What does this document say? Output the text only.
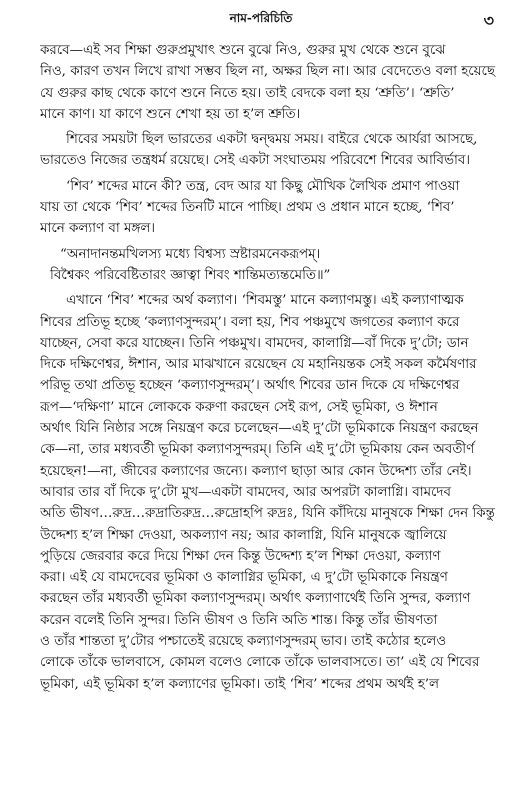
নাম-পরিচিতি	৩
করবে—এই সব শিক্ষা গুরুপ্রমুখাৎ শুনে বুঝে নিও, গুরুর মুখ থেকে শুনে বুঝে
নিও, কারণ তখন লিখে রাখা সম্ভব ছিল না, অক্ষর ছিল না। আর বেদেতেও বলা হয়েছে
যে গুরুর কাছ থেকে কাণে শুনে নিতে হয়। তাই বেদকে বলা হয় ‘শ্রুতি’। ‘শ্রুতি’
মানে কাণ। যা কাণে শুনে শেখা হয় তা হ’ল শ্রুতি।
শিবের সময়টা ছিল ভারতের একটা দ্বন্দ্বময় সময়। বাইরে থেকে আর্যরা আসছে,
ভারতেও নিজের তন্ত্রধর্ম রয়েছে। সেই একটা সংঘাতময় পরিবেশে শিবের আবির্ভাব।
‘শিব’ শব্দের মানে কী? তন্ত্র, বেদ আর যা কিছু মৌখিক লৈখিক প্রমাণ পাওয়া
যায় তা থেকে ‘শিব’ শব্দের তিনটি মানে পাচ্ছি। প্রথম ও প্রধান মানে হচ্ছে, ‘শিব’
মানে কল্যাণ বা মঙ্গল।
“অনাদানন্তমখিলস্য মধ্যে বিশ্বস্য স্রষ্টারমনেকরূপম্।
বিশ্বৈকং পরিবেষ্টিতারং জ্ঞাত্বা শিবং শান্তিমত্যন্তমেতি॥”
এখানে ‘শিব’ শব্দের অর্থ কল্যাণ। ‘শিবমস্তু’ মানে কল্যাণমস্তু। এই কল্যাণাত্মক
শিবের প্রতিভূ হচ্ছে ‘কল্যাণসুন্দরম্’। বলা হয়, শিব পঞ্চমুখে জগতের কল্যাণ করে
যাচ্ছেন, সেবা করে যাচ্ছেন। তিনি পঞ্চমুখ। বামদেব, কালাগ্নি—বাঁ দিকে দু’টো; ডান
দিকে দক্ষিণেশ্বর, ঈশান, আর মাঝখানে রয়েছেন যে মহানিয়ন্তক সেই সকল কর্মৈষণার
পরিভূ তথা প্রতিভূ হচ্ছেন ‘কল্যাণসুন্দরম্’। অর্থাৎ শিবের ডান দিকে যে দক্ষিণেশ্বর
রূপ—‘দক্ষিণা’ মানে লোককে করুণা করছেন সেই রূপ, সেই ভূমিকা, ও ঈশান
অর্থাৎ যিনি নিষ্ঠার সঙ্গে নিয়ন্ত্রণ করে চলেছেন—এই দু’টো ভূমিকাকে নিয়ন্ত্রণ করছেন
কে—না, তার মধ্যবর্তী ভূমিকা কল্যাণসুন্দরম্। তিনি এই দু’টো ভূমিকায় কেন অবতীর্ণ
হয়েছেন!—না, জীবের কল্যাণের জন্যে। কল্যাণ ছাড়া আর কোন উদ্দেশ্য তাঁর নেই।
আবার তার বাঁ দিকে দু’টো মুখ—একটা বামদেব, আর অপরটা কালাগ্নি। বামদেব
অতি ভীষণ…রুদ্র…রুদ্রাতিরুদ্র…রুদ্রোহপি রুদ্রঃ, যিনি কাঁদিয়ে মানুষকে শিক্ষা দেন কিন্তু
উদ্দেশ্য হ’ল শিক্ষা দেওয়া, অকল্যাণ নয়; আর কালাগ্নি, যিনি মানুষকে জ্বালিয়ে
পুড়িয়ে জেরবার করে দিয়ে শিক্ষা দেন কিন্তু উদ্দেশ্য হ’ল শিক্ষা দেওয়া, কল্যাণ
করা। এই যে বামদেবের ভূমিকা ও কালাগ্নির ভূমিকা, এ দু’টো ভূমিকাকে নিয়ন্ত্রণ
করছেন তাঁর মধ্যবর্তী ভূমিকা কল্যাণসুন্দরম্। অর্থাৎ কল্যাণার্থেই তিনি সুন্দর, কল্যাণ
করেন বলেই তিনি সুন্দর। তিনি ভীষণ ও তিনি অতি শান্ত। কিন্তু তাঁর ভীষণতা
ও তাঁর শান্ততা দু’টোর পশ্চাতেই রয়েছে কল্যাণসুন্দরম্ ভাব। তাই কঠোর হলেও
লোকে তাঁকে ভালবাসে, কোমল বলেও লোকে তাঁকে ভালবাসতে। তা’ এই যে শিবের
ভূমিকা, এই ভূমিকা হ’ল কল্যাণের ভূমিকা। তাই ‘শিব’ শব্দের প্রথম অর্থই হ’ল
